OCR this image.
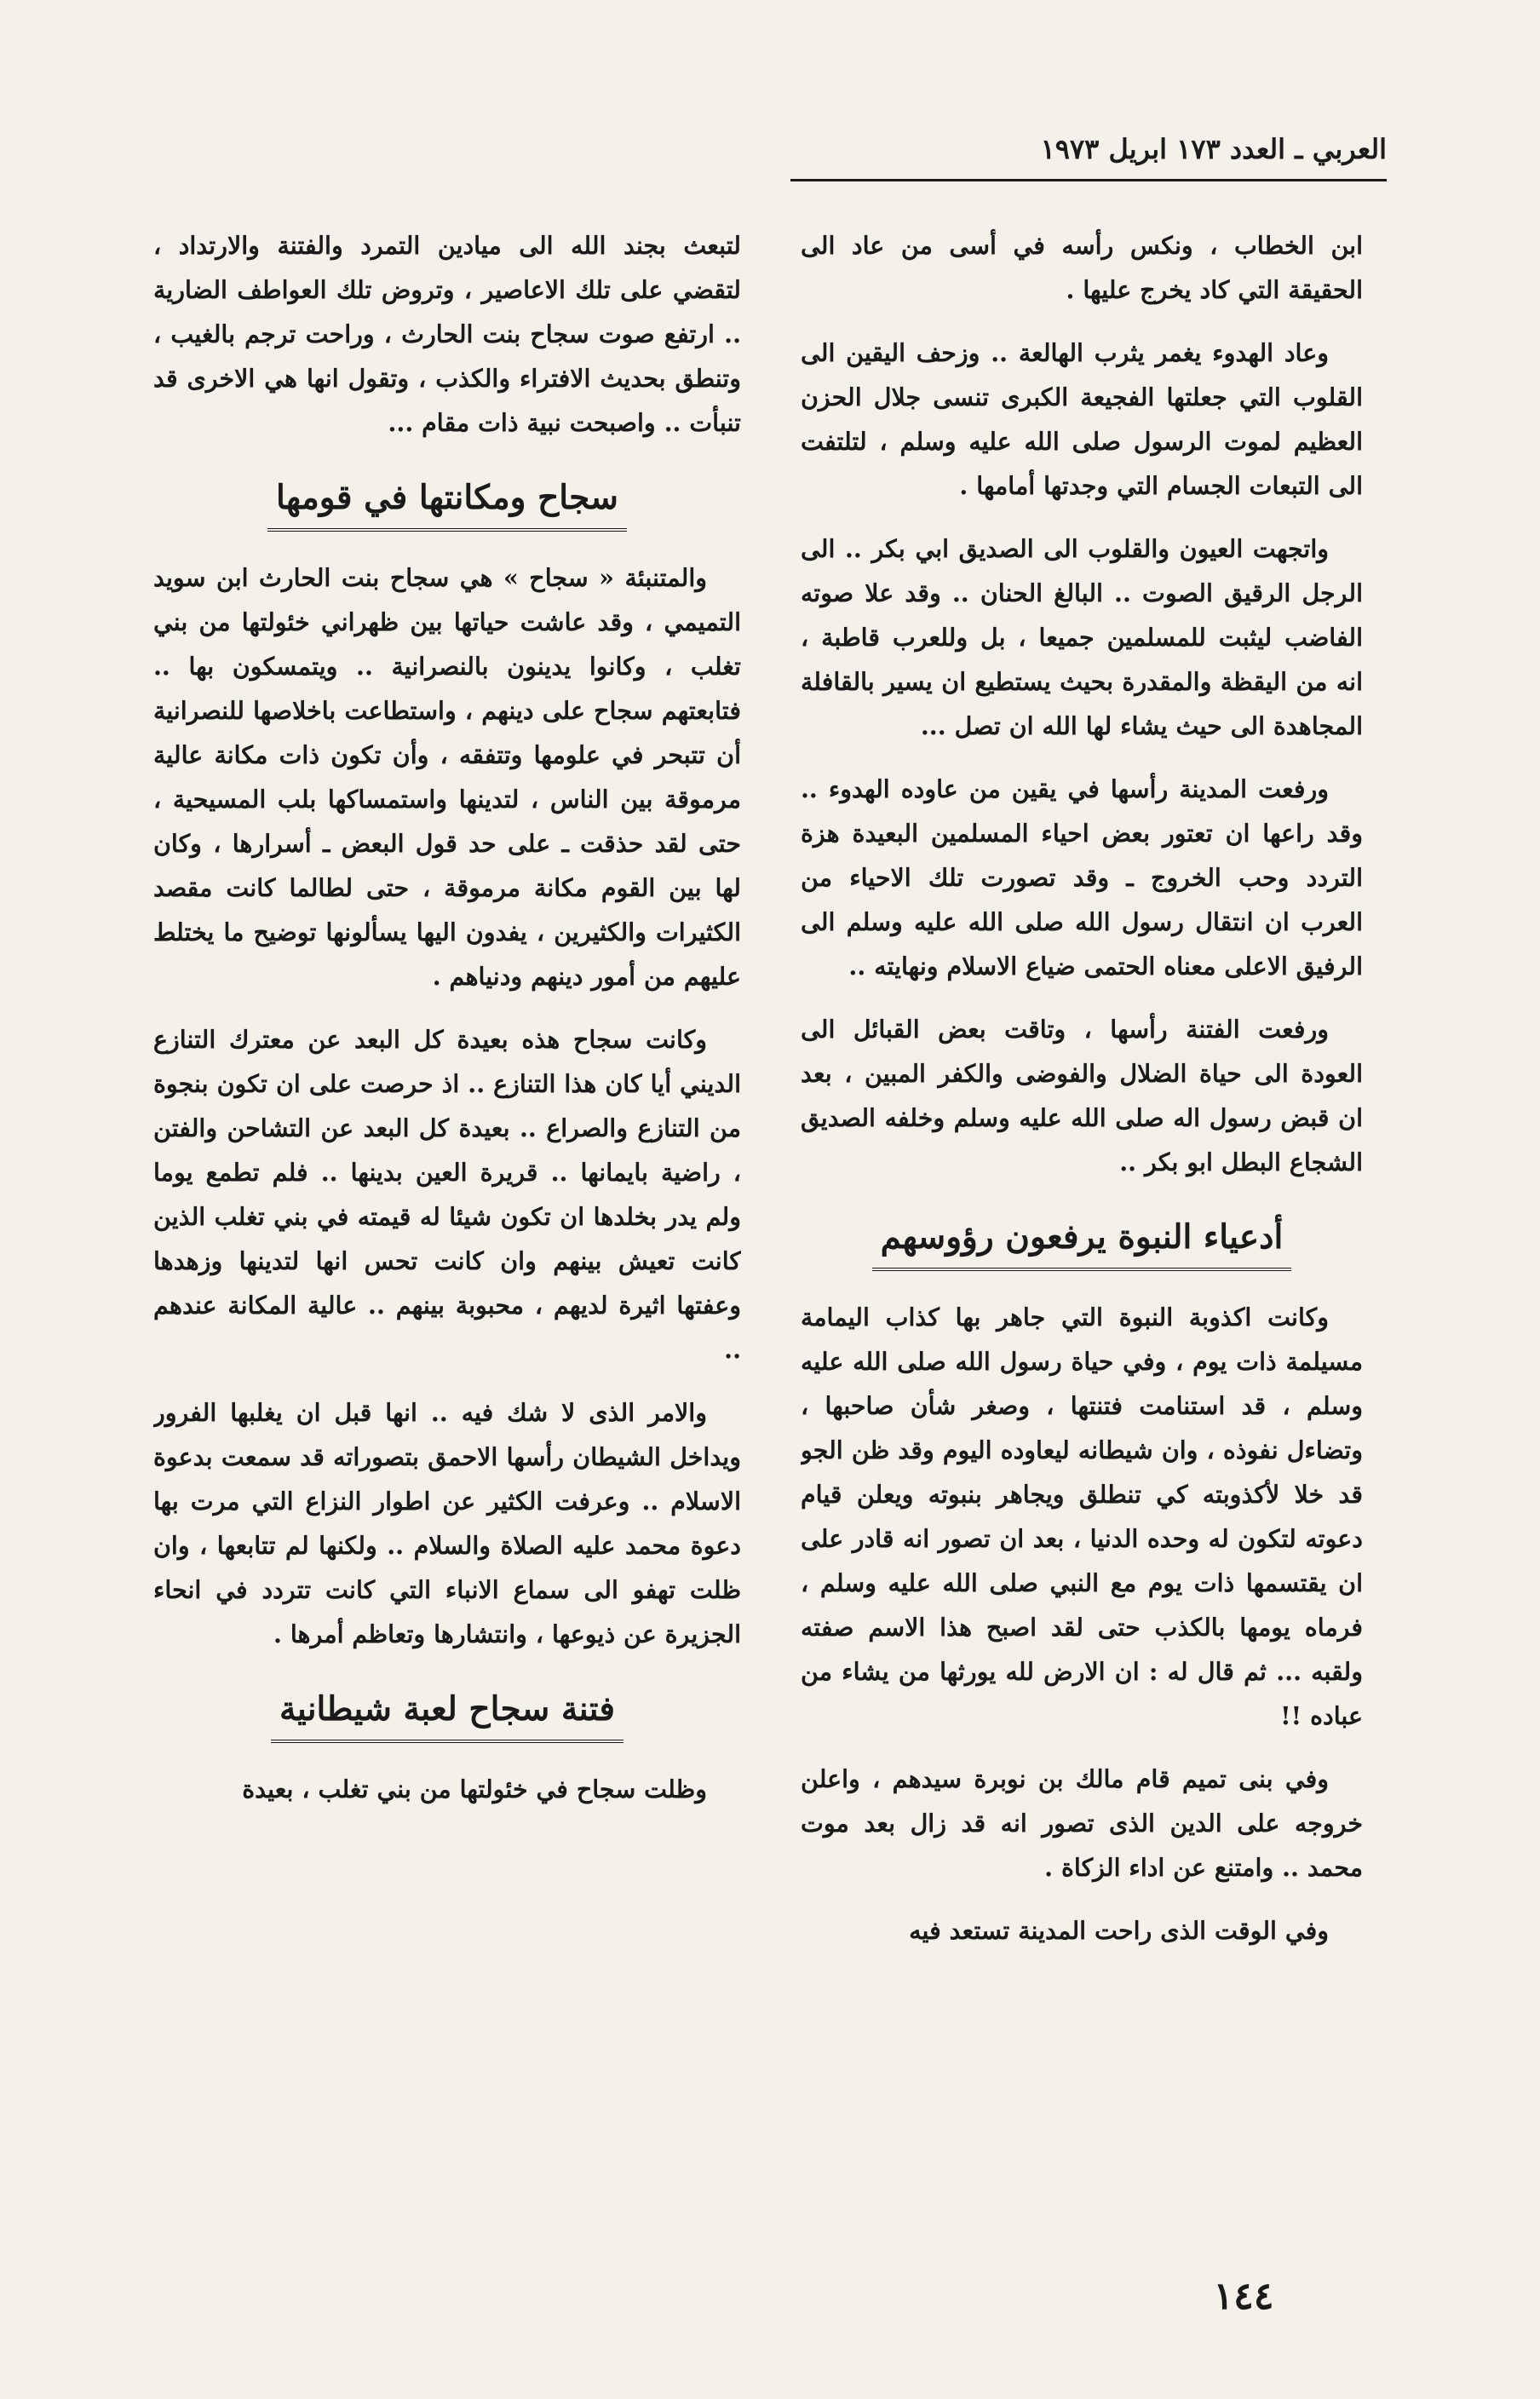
العربي ـ العدد ١٧٣ ابريل ١٩٧٣

ابن الخطاب ، ونكس رأسه في أسى من عاد الى الحقيقة التي كاد يخرج عليها .

وعاد الهدوء يغمر يثرب الهالعة .. وزحف اليقين الى القلوب التي جعلتها الفجيعة الكبرى تنسى جلال الحزن العظيم لموت الرسول صلى الله عليه وسلم ، لتلتفت الى التبعات الجسام التي وجدتها أمامها .

واتجهت العيون والقلوب الى الصديق ابي بكر .. الى الرجل الرقيق الصوت .. البالغ الحنان .. وقد علا صوته الفاضب ليثبت للمسلمين جميعا ، بل وللعرب قاطبة ، انه من اليقظة والمقدرة بحيث يستطيع ان يسير بالقافلة المجاهدة الى حيث يشاء لها الله ان تصل ...

ورفعت المدينة رأسها في يقين من عاوده الهدوء .. وقد راعها ان تعتور بعض احياء المسلمين البعيدة هزة التردد وحب الخروج ـ وقد تصورت تلك الاحياء من العرب ان انتقال رسول الله صلى الله عليه وسلم الى الرفيق الاعلى معناه الحتمى ضياع الاسلام ونهايته ..

ورفعت الفتنة رأسها ، وتاقت بعض القبائل الى العودة الى حياة الضلال والفوضى والكفر المبين ، بعد ان قبض رسول اله صلى الله عليه وسلم وخلفه الصديق الشجاع البطل ابو بكر ..

أدعياء النبوة يرفعون رؤوسهم

وكانت اكذوبة النبوة التي جاهر بها كذاب اليمامة مسيلمة ذات يوم ، وفي حياة رسول الله صلى الله عليه وسلم ، قد استنامت فتنتها ، وصغر شأن صاحبها ، وتضاءل نفوذه ، وان شيطانه ليعاوده اليوم وقد ظن الجو قد خلا لأكذوبته كي تنطلق ويجاهر بنبوته ويعلن قيام دعوته لتكون له وحده الدنيا ، بعد ان تصور انه قادر على ان يقتسمها ذات يوم مع النبي صلى الله عليه وسلم ، فرماه يومها بالكذب حتى لقد اصبح هذا الاسم صفته ولقبه ... ثم قال له : ان الارض لله يورثها من يشاء من عباده !!

وفي بنى تميم قام مالك بن نوبرة سيدهم ، واعلن خروجه على الدين الذى تصور انه قد زال بعد موت محمد .. وامتنع عن اداء الزكاة .

وفي الوقت الذى راحت المدينة تستعد فيه

لتبعث بجند الله الى ميادين التمرد والفتنة والارتداد ، لتقضي على تلك الاعاصير ، وتروض تلك العواطف الضارية .. ارتفع صوت سجاح بنت الحارث ، وراحت ترجم بالغيب ، وتنطق بحديث الافتراء والكذب ، وتقول انها هي الاخرى قد تنبأت .. واصبحت نبية ذات مقام ...

سجاح ومكانتها في قومها

والمتنبئة « سجاح » هي سجاح بنت الحارث ابن سويد التميمي ، وقد عاشت حياتها بين ظهراني خئولتها من بني تغلب ، وكانوا يدينون بالنصرانية .. ويتمسكون بها .. فتابعتهم سجاح على دينهم ، واستطاعت باخلاصها للنصرانية أن تتبحر في علومها وتتفقه ، وأن تكون ذات مكانة عالية مرموقة بين الناس ، لتدينها واستمساكها بلب المسيحية ، حتى لقد حذقت ـ على حد قول البعض ـ أسرارها ، وكان لها بين القوم مكانة مرموقة ، حتى لطالما كانت مقصد الكثيرات والكثيرين ، يفدون اليها يسألونها توضيح ما يختلط عليهم من أمور دينهم ودنياهم .

وكانت سجاح هذه بعيدة كل البعد عن معترك التنازع الديني أيا كان هذا التنازع .. اذ حرصت على ان تكون بنجوة من التنازع والصراع .. بعيدة كل البعد عن التشاحن والفتن ، راضية بايمانها .. قريرة العين بدينها .. فلم تطمع يوما ولم يدر بخلدها ان تكون شيئا له قيمته في بني تغلب الذين كانت تعيش بينهم وان كانت تحس انها لتدينها وزهدها وعفتها اثيرة لديهم ، محبوبة بينهم .. عالية المكانة عندهم ..

والامر الذى لا شك فيه .. انها قبل ان يغلبها الفرور ويداخل الشيطان رأسها الاحمق بتصوراته قد سمعت بدعوة الاسلام .. وعرفت الكثير عن اطوار النزاع التي مرت بها دعوة محمد عليه الصلاة والسلام .. ولكنها لم تتابعها ، وان ظلت تهفو الى سماع الانباء التي كانت تتردد في انحاء الجزيرة عن ذيوعها ، وانتشارها وتعاظم أمرها .

فتنة سجاح لعبة شيطانية

وظلت سجاح في خئولتها من بني تغلب ، بعيدة

١٤٤
